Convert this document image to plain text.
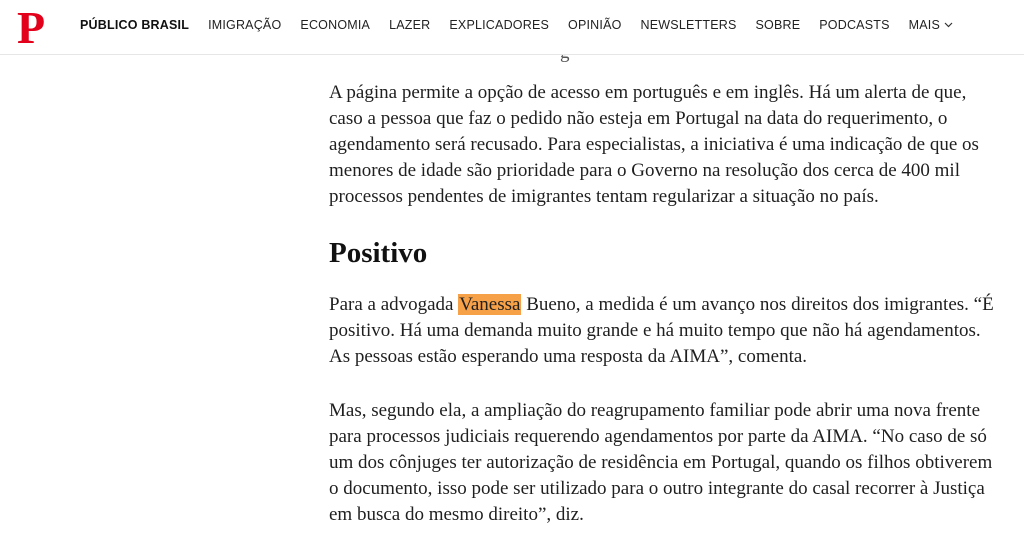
P	PÚBLICO BRASIL IMIGRAÇÃO ECONOMIA LAZER EXPLICADORES OPINIÃO NEWSLETTERS SOBRE PODCASTS MAIS

A página permite a opção de acesso em português e em inglês. Há um alerta de que, caso a pessoa que faz o pedido não esteja em Portugal na data do requerimento, o agendamento será recusado. Para especialistas, a iniciativa é uma indicação de que os menores de idade são prioridade para o Governo na resolução dos cerca de 400 mil processos pendentes de imigrantes tentam regularizar a situação no país.

Positivo

Para a advogada Vanessa Bueno, a medida é um avanço nos direitos dos imigrantes. “É positivo. Há uma demanda muito grande e há muito tempo que não há agendamentos. As pessoas estão esperando uma resposta da AIMA”, comenta.

Mas, segundo ela, a ampliação do reagrupamento familiar pode abrir uma nova frente para processos judiciais requerendo agendamentos por parte da AIMA. “No caso de só um dos cônjuges ter autorização de residência em Portugal, quando os filhos obtiverem o documento, isso pode ser utilizado para o outro integrante do casal recorrer à Justiça em busca do mesmo direito”, diz.
